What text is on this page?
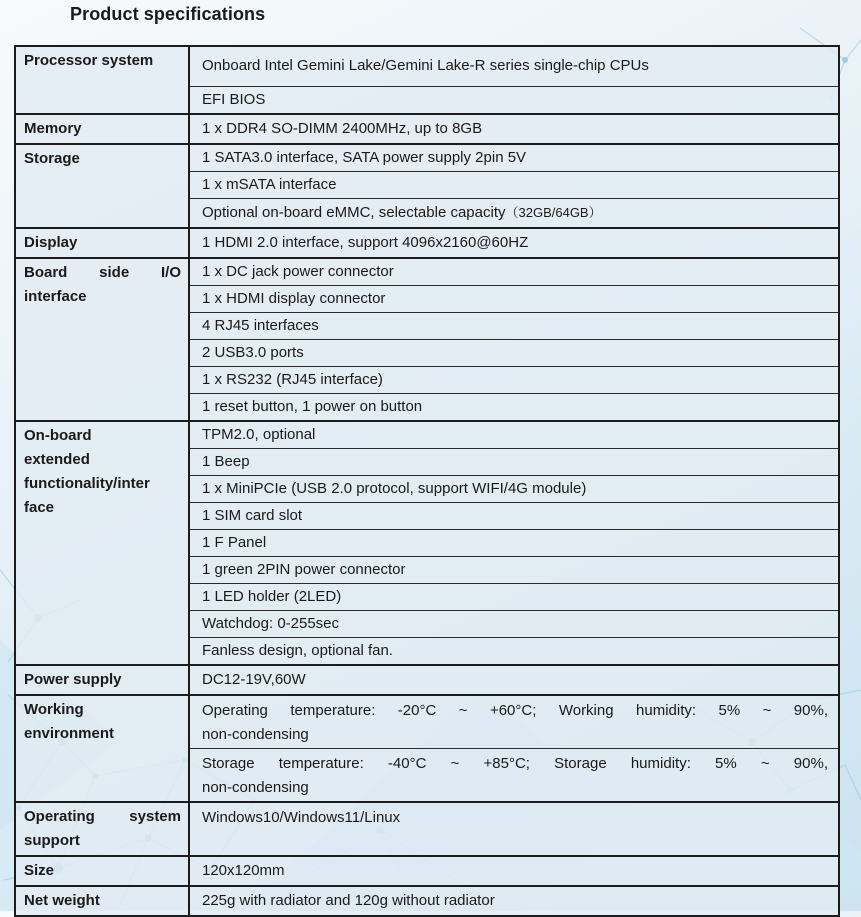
Product specifications
Processor system	Onboard Intel Gemini Lake/Gemini Lake-R series single-chip CPUs

	EFI BIOS

Memory	1 x DDR4 SO-DIMM 2400MHz, up to 8GB

Storage	1 SATA3.0 interface, SATA power supply 2pin 5V

	1 x mSATA interface

	Optional on-board eMMC, selectable capacity（32GB/64GB）

Display	1 HDMI 2.0 interface, support 4096x2160@60HZ

Board side I/O
interface	1 x DC jack power connector

	1 x HDMI display connector

	4 RJ45 interfaces

	2 USB3.0 ports

	1 x RS232 (RJ45 interface)

	1 reset button, 1 power on button

On-board
extended
functionality/inter
face	TPM2.0, optional

	1 Beep

	1 x MiniPCIe (USB 2.0 protocol, support WIFI/4G module)

	1 SIM card slot

	1 F Panel

	1 green 2PIN power connector

	1 LED holder (2LED)

	Watchdog: 0-255sec

	Fanless design, optional fan.

Power supply	DC12-19V,60W

Working
environment	Operating temperature: -20°C ~ +60°C; Working humidity: 5% ~ 90%,
non-condensing

	Storage temperature: -40°C ~ +85°C; Storage humidity: 5% ~ 90%,
non-condensing

Operating system
support	Windows10/Windows11/Linux

Size	120x120mm

Net weight	225g with radiator and 120g without radiator
